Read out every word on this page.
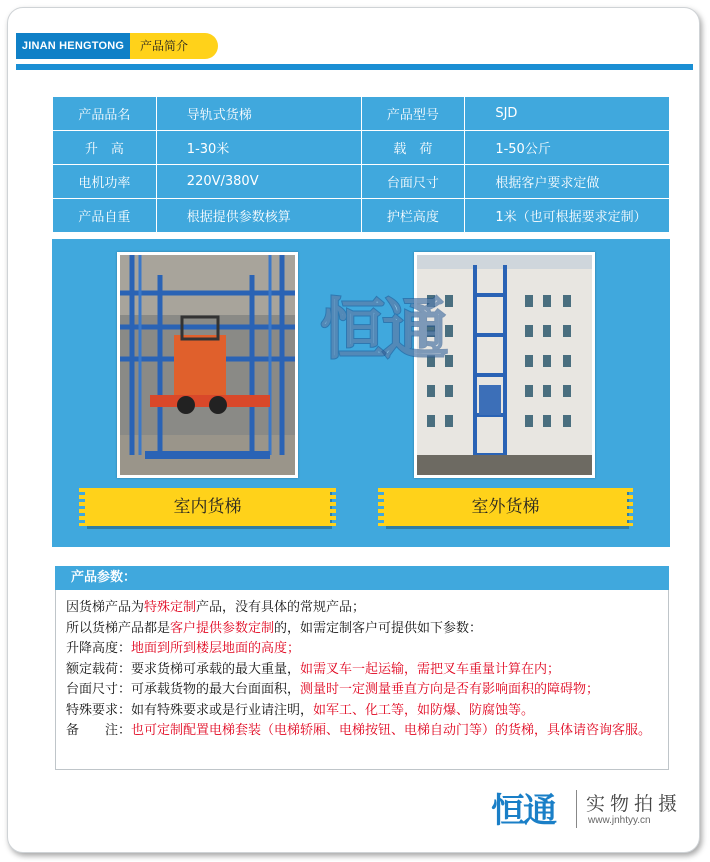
JINAN HENGTONG	产品简介
产品品名	导轨式货梯	产品型号	SJD
升　高	1-30米	载　荷	1-50公斤
电机功率	220V/380V	台面尺寸	根据客户要求定做
产品自重	根据提供参数核算	护栏高度	1米（也可根据要求定制）
恒通
室内货梯	室外货梯
产品参数：

因货梯产品为特殊定制产品，没有具体的常规产品；

所以货梯产品都是客户提供参数定制的，如需定制客户可提供如下参数：

升降高度：地面到所到楼层地面的高度；

额定载荷：要求货梯可承载的最大重量，如需叉车一起运输，需把叉车重量计算在内；

台面尺寸：可承载货物的最大台面面积，测量时一定测量垂直方向是否有影响面积的障碍物；

特殊要求：如有特殊要求或是行业请注明，如军工、化工等，如防爆、防腐蚀等。

备　　注：也可定制配置电梯套装（电梯轿厢、电梯按钮、电梯自动门等）的货梯，具体请咨询客服。

恒通 实物拍摄
www.jnhtyy.cn
